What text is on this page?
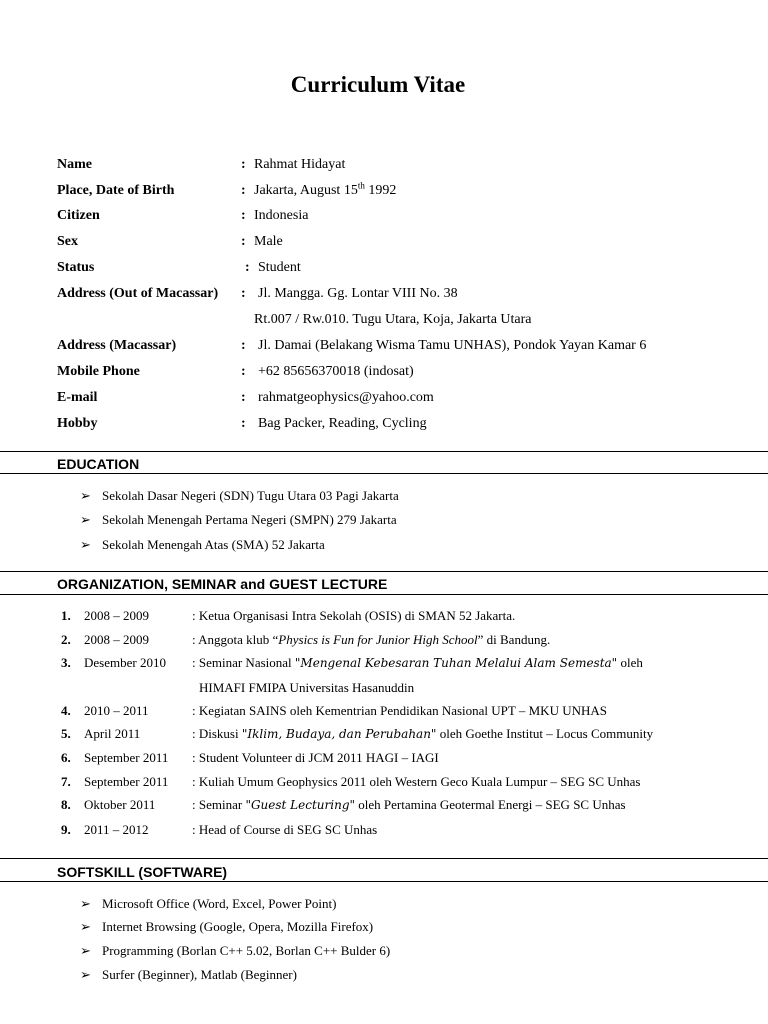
Curriculum Vitae
Name	: Rahmat Hidayat
Place, Date of Birth	: Jakarta, August 15th 1992
Citizen	: Indonesia
Sex	: Male
Status	: Student
Address (Out of Macassar) : Jl. Mangga. Gg. Lontar VIII No. 38
Rt.007 / Rw.010. Tugu Utara, Koja, Jakarta Utara
Address (Macassar)	: Jl. Damai (Belakang Wisma Tamu UNHAS), Pondok Yayan Kamar 6
Mobile Phone	: +62 85656370018 (indosat)
E-mail	: rahmatgeophysics@yahoo.com
Hobby	: Bag Packer, Reading, Cycling
EDUCATION
➢ Sekolah Dasar Negeri (SDN) Tugu Utara 03 Pagi Jakarta
➢ Sekolah Menengah Pertama Negeri (SMPN) 279 Jakarta
➢ Sekolah Menengah Atas (SMA) 52 Jakarta
ORGANIZATION, SEMINAR and GUEST LECTURE
1. 2008 – 2009	: Ketua Organisasi Intra Sekolah (OSIS) di SMAN 52 Jakarta.
2. 2008 – 2009	: Anggota klub “Physics is Fun for Junior High School” di Bandung.
3. Desember 2010 : Seminar Nasional "Mengenal Kebesaran Tuhan Melalui Alam Semesta" oleh
HIMAFI FMIPA Universitas Hasanuddin
4. 2010 – 2011	: Kegiatan SAINS oleh Kementrian Pendidikan Nasional UPT – MKU UNHAS
5. April 2011	: Diskusi "Iklim, Budaya, dan Perubahan" oleh Goethe Institut – Locus Community
6. September 2011 : Student Volunteer di JCM 2011 HAGI – IAGI
7. September 2011 : Kuliah Umum Geophysics 2011 oleh Western Geco Kuala Lumpur – SEG SC Unhas
8. Oktober 2011	: Seminar "Guest Lecturing" oleh Pertamina Geotermal Energi – SEG SC Unhas
9. 2011 – 2012	: Head of Course di SEG SC Unhas
SOFTSKILL (SOFTWARE)
➢ Microsoft Office (Word, Excel, Power Point)
➢ Internet Browsing (Google, Opera, Mozilla Firefox)
➢ Programming (Borlan C++ 5.02, Borlan C++ Bulder 6)
➢ Surfer (Beginner), Matlab (Beginner)
